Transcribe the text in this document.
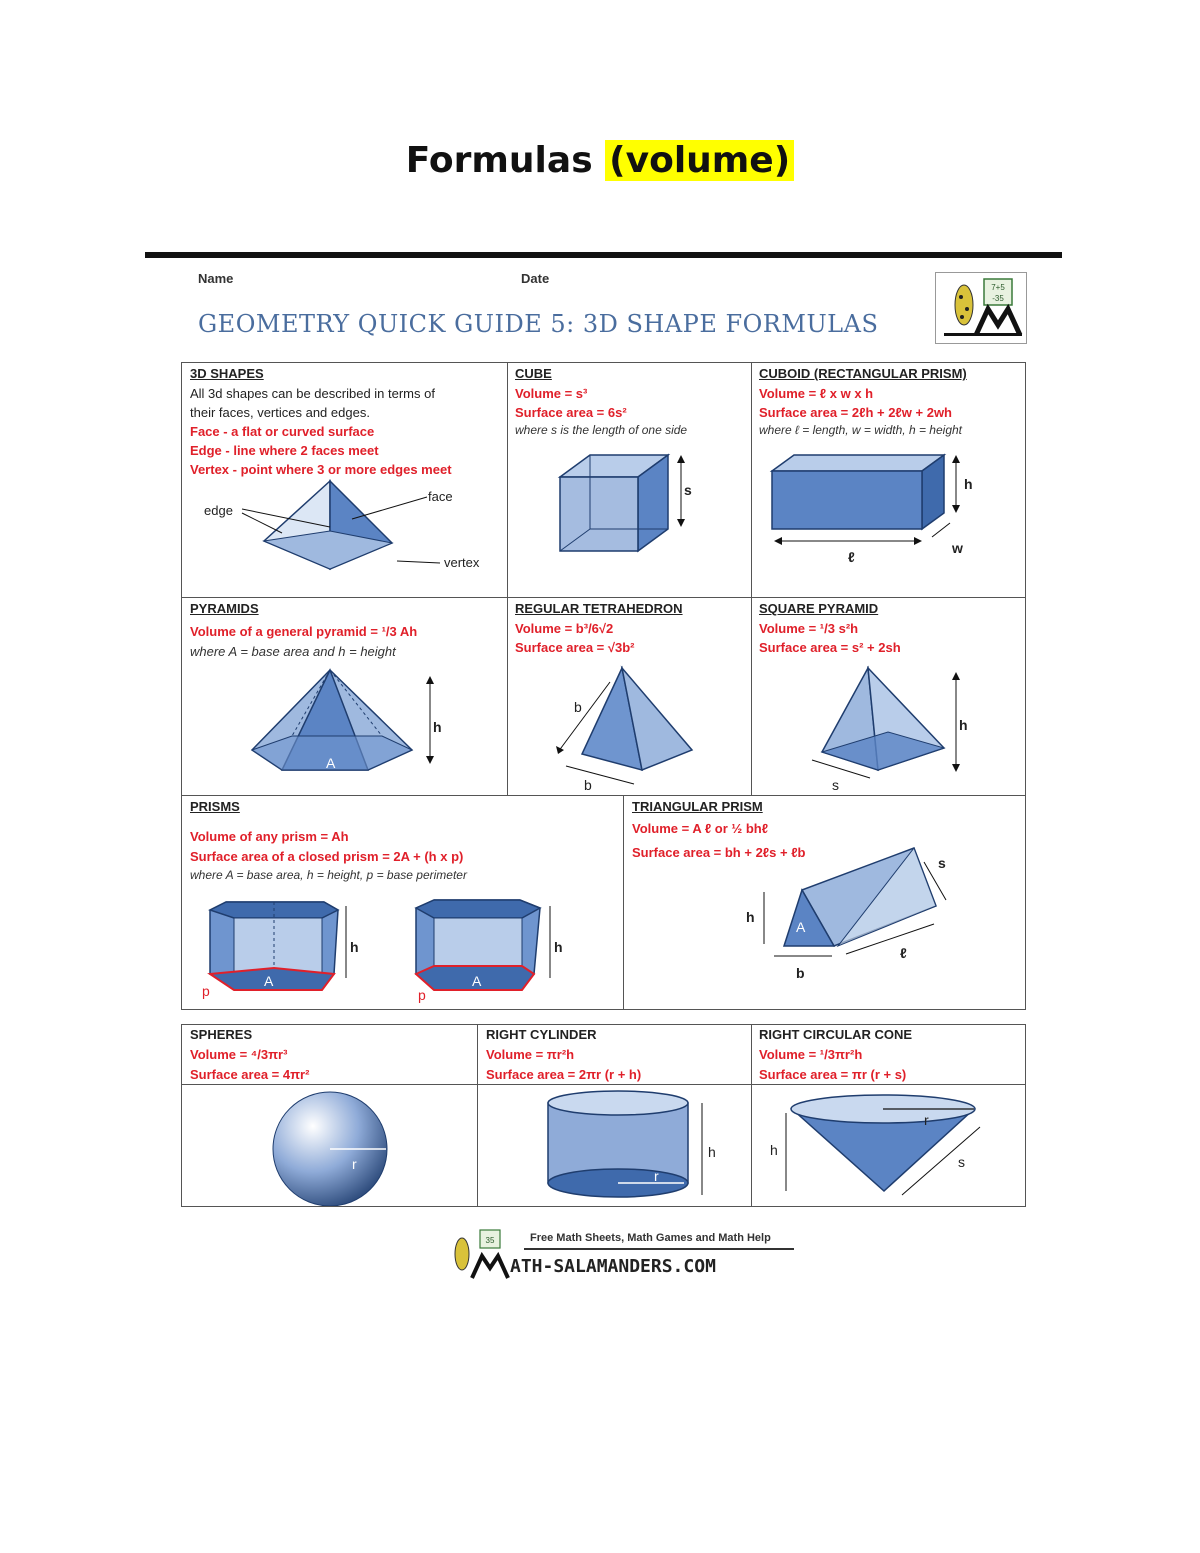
Formulas (volume)
Name	Date
GEOMETRY QUICK GUIDE 5: 3D SHAPE FORMULAS
7+5
-35
3D SHAPES
All 3d shapes can be described in terms of
their faces, vertices and edges.
Face - a flat or curved surface
Edge - line where 2 faces meet
Vertex - point where 3 or more edges meet
edge
face
vertex
CUBE
Volume = s³
Surface area = 6s²
where s is the length of one side
s
CUBOID (RECTANGULAR PRISM)
Volume = ℓ x w x h
Surface area = 2ℓh + 2ℓw + 2wh
where ℓ = length, w = width, h = height
ℓ
w
h
PYRAMIDS
Volume of a general pyramid = ¹/3 Ah
where A = base area and h = height
A
h
REGULAR TETRAHEDRON
Volume = b³/6√2
Surface area = √3b²
b
b
SQUARE PYRAMID
Volume = ¹/3 s²h
Surface area = s² + 2sh
h
s
PRISMS
Volume of any prism = Ah
Surface area of a closed prism = 2A + (h x p)
where A = base area, h = height, p = base perimeter
A
p
h
A
p
h
TRIANGULAR PRISM
Volume = A ℓ or ½ bhℓ
Surface area = bh + 2ℓs + ℓb
A
h
b
ℓ
s
SPHERES
Volume = ⁴/3πr³
Surface area = 4πr²
RIGHT CYLINDER
Volume = πr²h
Surface area = 2πr (r + h)
RIGHT CIRCULAR CONE
Volume = ¹/3πr²h
Surface area = πr (r + s)
r
r
h
r
h
s
35	Free Math Sheets, Math Games and Math Help
ATH-SALAMANDERS.COM
